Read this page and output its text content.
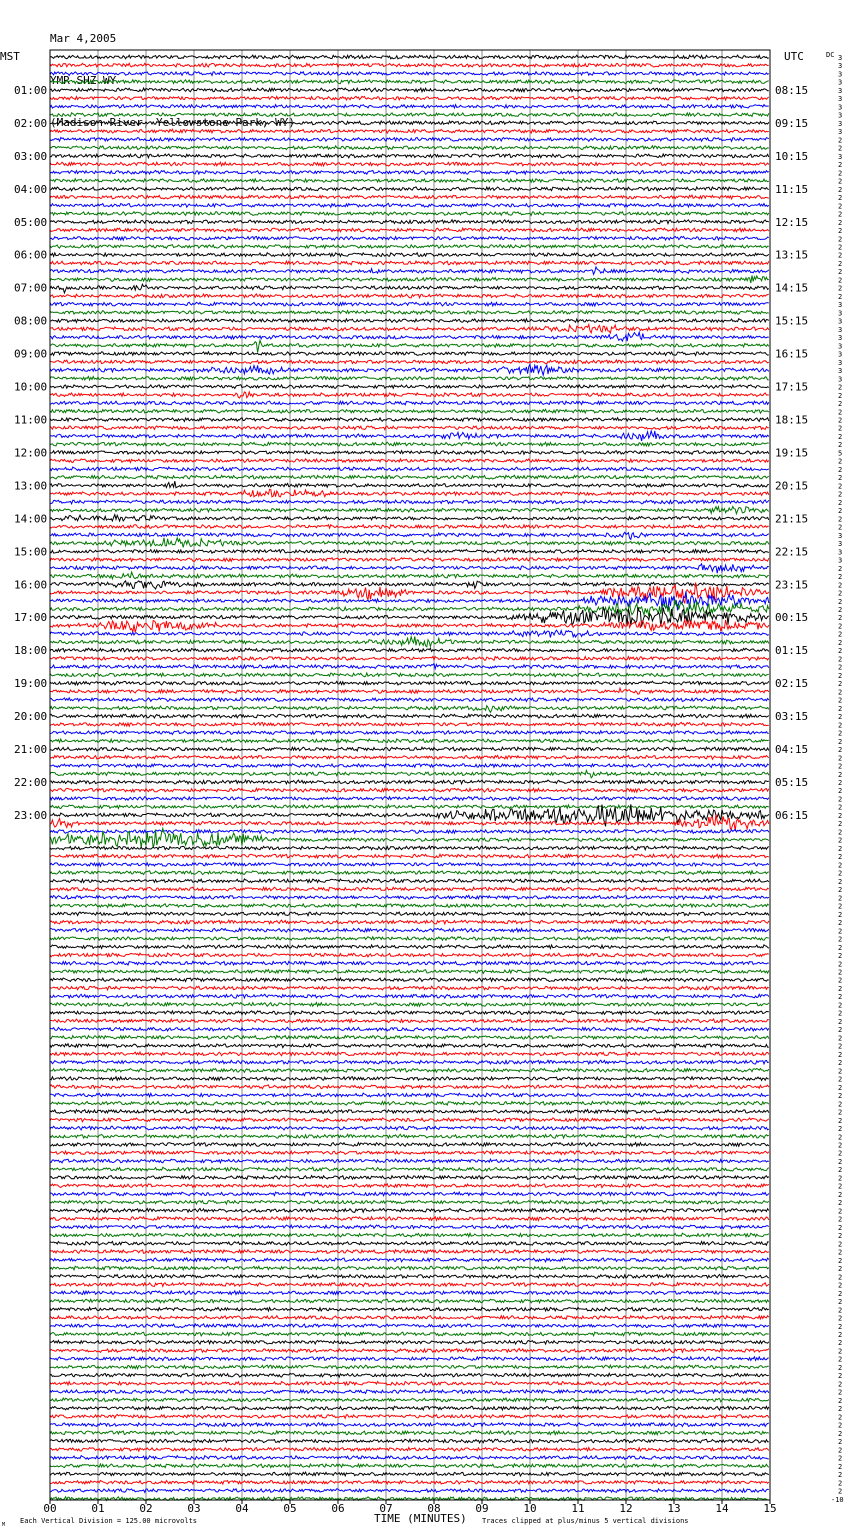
Mar 4,2005

YMR SHZ WY

(Madison River, Yellowstone Park, WY)

MST	UTC	DC
01:00
02:00
03:00
04:00
05:00
06:00
07:00
08:00
09:00
10:00
11:00
12:00
13:00
14:00
15:00
16:00
17:00
18:00
19:00
20:00
21:00
22:00
23:00
08:15
09:15
10:15
11:15
12:15
13:15
14:15
15:15
16:15
17:15
18:15
19:15
20:15
21:15
22:15
23:15
00:15
01:15
02:15
03:15
04:15
05:15
06:15
3
3
3
3
3
3
3
3
3
3
2
2
3
2
2
2
2
2
2
2
2
2
2
2
2
2
2
2
2
2
3
3
3
3
3
3
3
3
3
3
2
2
2
2
2
2
2
2
5
2
2
2
2
2
2
2
2
2
3
3
3
3
2
2
2
2
2
2
2
2
2
2
2
2
2
2
2
2
2
2
2
2
2
2
2
2
2
2
2
2
2
2
2
2
2
2
2
2
2
2
2
2
2
2
2
2
2
2
2
2
2
2
2
2
2
2
2
2
2
2
2
2
2
2
2
2
2
2
2
2
2
2
2
2
2
2
2
2
2
2
2
2
2
2
2
2
2
2
2
2
2
2
2
2
2
2
2
2
2
2
2
2
2
2
2
2
2
2
2
2
2
2
2
2
2
-10
00	01	02	03	04	05	06	07	08	09	10	11	12	13	14	15
TIME (MINUTES)
Each Vertical Division = 125.00 microvolts	Traces clipped at plus/minus 5 vertical divisions
M
